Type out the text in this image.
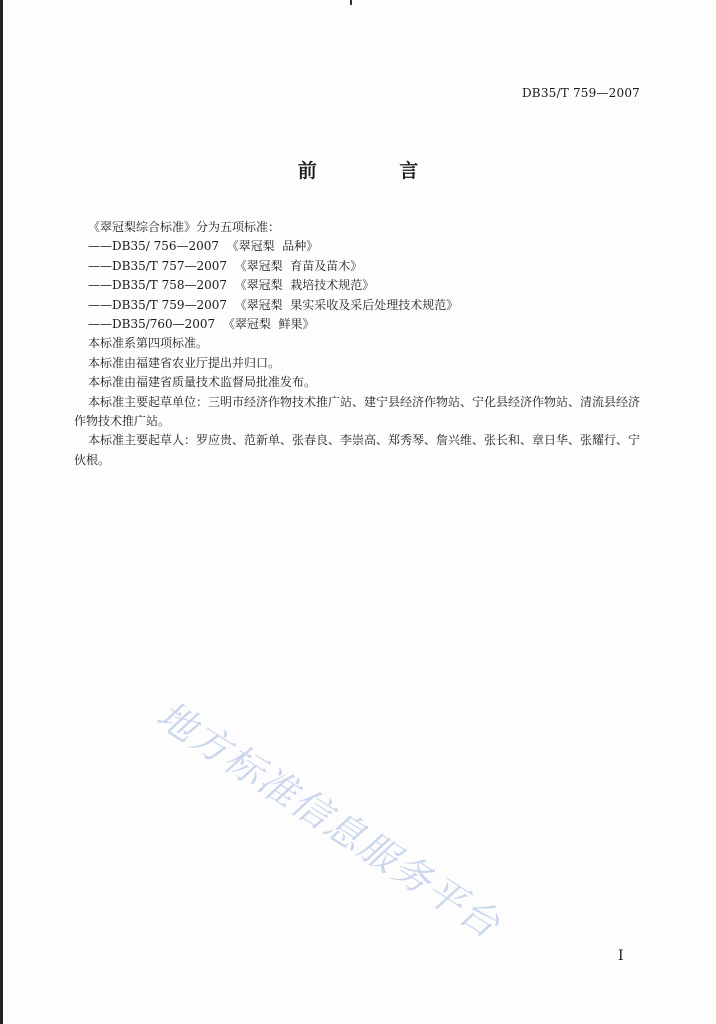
DB35/T 759—2007
前 言
《翠冠梨综合标准》分为五项标准：
——DB35/ 756—2007  《翠冠梨  品种》
——DB35/T 757—2007  《翠冠梨  育苗及苗木》
——DB35/T 758—2007  《翠冠梨  栽培技术规范》
——DB35/T 759—2007  《翠冠梨  果实采收及采后处理技术规范》
——DB35/760—2007  《翠冠梨  鲜果》
本标准系第四项标准。
本标准由福建省农业厅提出并归口。
本标准由福建省质量技术监督局批准发布。
本标准主要起草单位：三明市经济作物技术推广站、建宁县经济作物站、宁化县经济作物站、清流县经济作物技术推广站。
本标准主要起草人：罗应贵、范新单、张春良、李崇高、郑秀琴、詹兴维、张长和、章日华、张耀行、宁伙根。
地方标准信息服务平台
I
